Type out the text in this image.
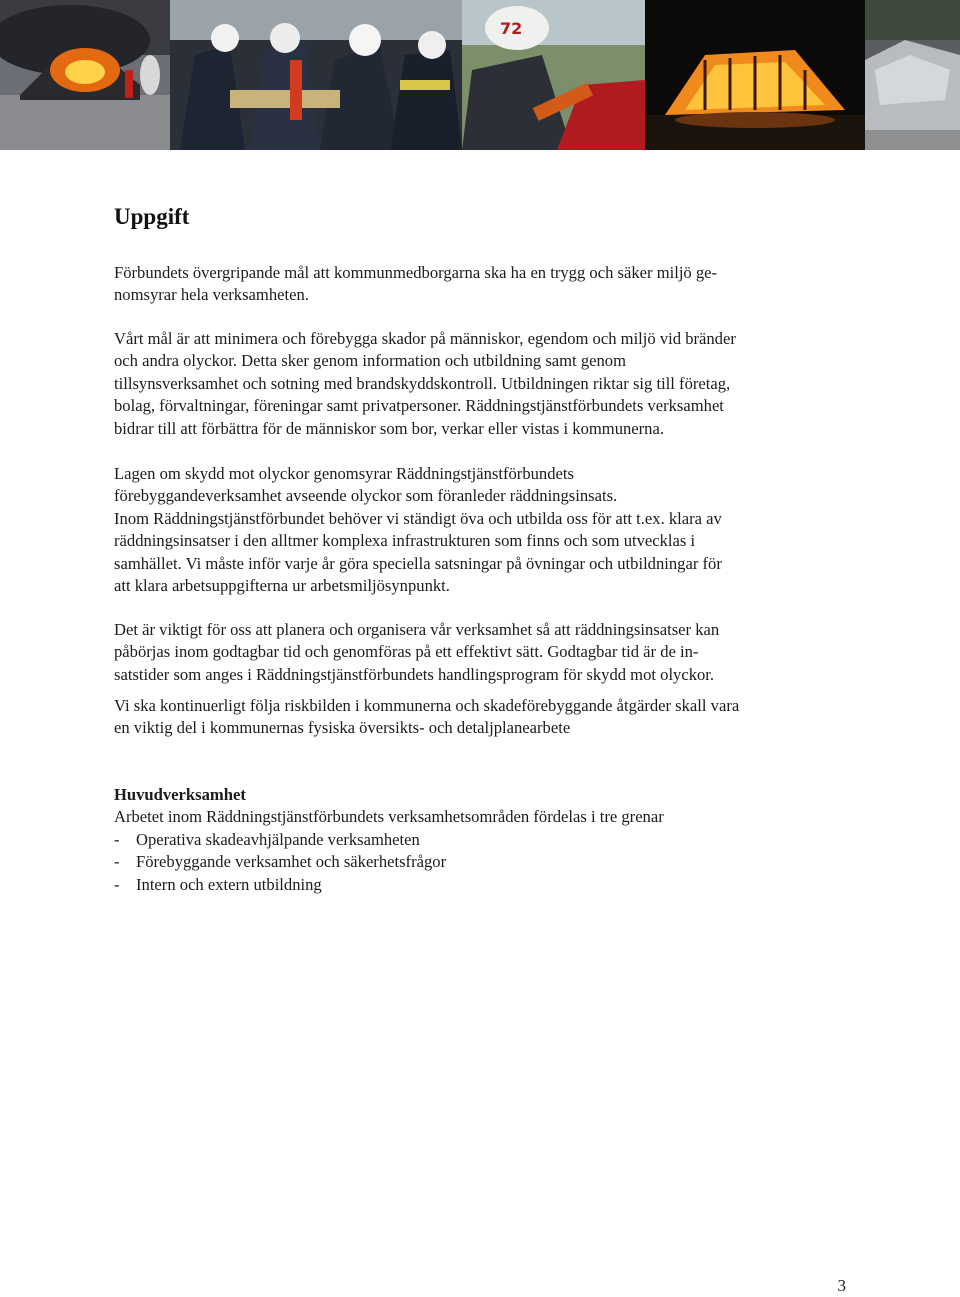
72
Uppgift

Förbundets övergripande mål att kommunmedborgarna ska ha en trygg och säker miljö ge-
nomsyrar hela verksamheten.

Vårt mål är att minimera och förebygga skador på människor, egendom och miljö vid bränder
och andra olyckor. Detta sker genom information och utbildning samt genom
tillsynsverksamhet och sotning med brandskyddskontroll. Utbildningen riktar sig till företag,
bolag, förvaltningar, föreningar samt privatpersoner. Räddningstjänstförbundets verksamhet
bidrar till att förbättra för de människor som bor, verkar eller vistas i kommunerna.

Lagen om skydd mot olyckor genomsyrar Räddningstjänstförbundets
förebyggandeverksamhet avseende olyckor som föranleder räddningsinsats.
Inom Räddningstjänstförbundet behöver vi ständigt öva och utbilda oss för att t.ex. klara av
räddningsinsatser i den alltmer komplexa infrastrukturen som finns och som utvecklas i
samhället. Vi måste inför varje år göra speciella satsningar på övningar och utbildningar för
att klara arbetsuppgifterna ur arbetsmiljösynpunkt.

Det är viktigt för oss att planera och organisera vår verksamhet så att räddningsinsatser kan
påbörjas inom godtagbar tid och genomföras på ett effektivt sätt. Godtagbar tid är de in-
satstider som anges i Räddningstjänstförbundets handlingsprogram för skydd mot olyckor.

Vi ska kontinuerligt följa riskbilden i kommunerna och skadeförebyggande åtgärder skall vara
en viktig del i kommunernas fysiska översikts- och detaljplanearbete

Huvudverksamhet
Arbetet inom Räddningstjänstförbundets verksamhetsområden fördelas i tre grenar
- Operativa skadeavhjälpande verksamheten
- Förebyggande verksamhet och säkerhetsfrågor
- Intern och extern utbildning
3
